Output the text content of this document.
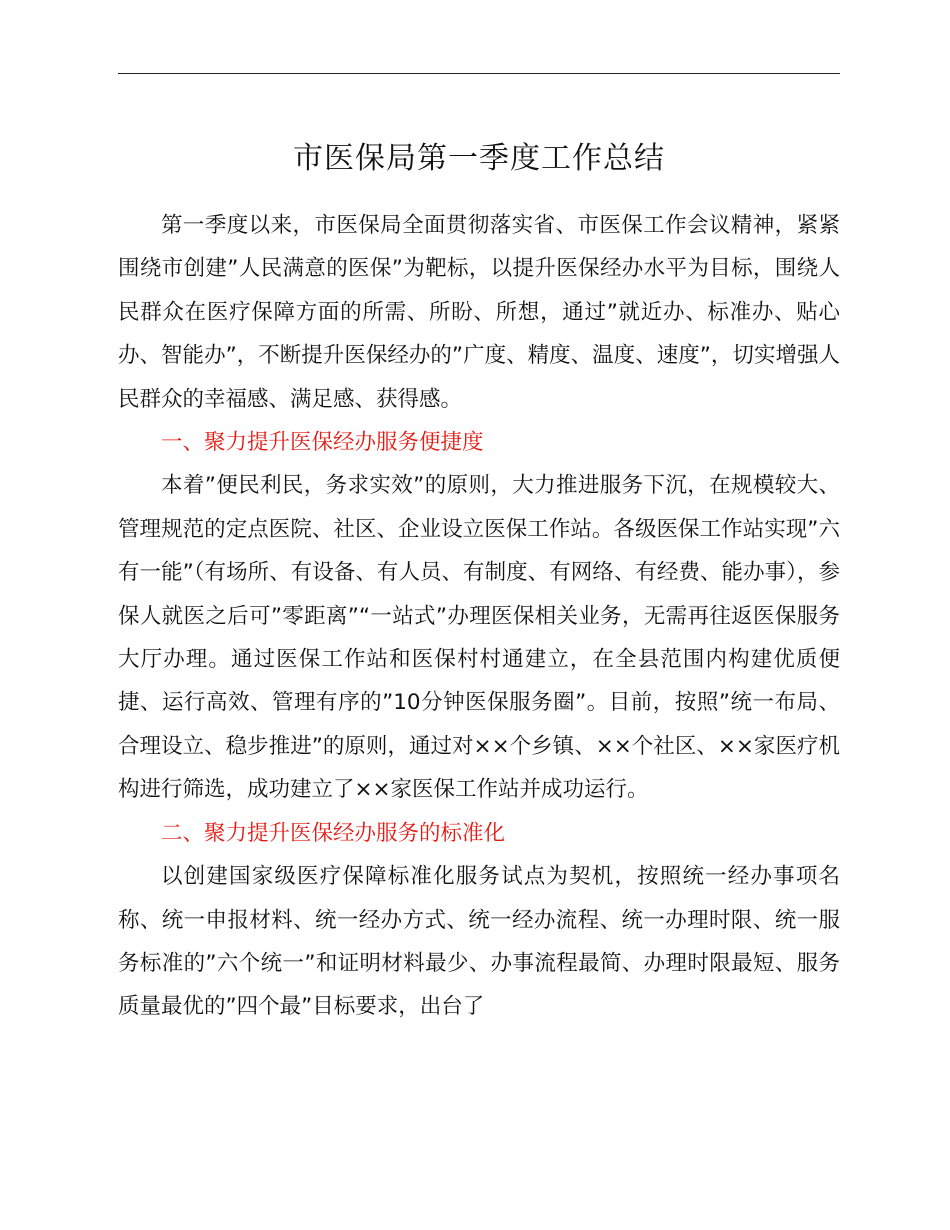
市医保局第一季度工作总结

第一季度以来，市医保局全面贯彻落实省、市医保工作会议精神，紧紧围绕市创建”人民满意的医保”为靶标，以提升医保经办水平为目标，围绕人民群众在医疗保障方面的所需、所盼、所想，通过”就近办、标准办、贴心办、智能办”，不断提升医保经办的”广度、精度、温度、速度”，切实增强人民群众的幸福感、满足感、获得感。

一、聚力提升医保经办服务便捷度

本着”便民利民，务求实效”的原则，大力推进服务下沉，在规模较大、管理规范的定点医院、社区、企业设立医保工作站。各级医保工作站实现”六有一能”（有场所、有设备、有人员、有制度、有网络、有经费、能办事），参保人就医之后可”零距离”“一站式”办理医保相关业务，无需再往返医保服务大厅办理。通过医保工作站和医保村村通建立，在全县范围内构建优质便捷、运行高效、管理有序的”10分钟医保服务圈”。目前，按照”统一布局、合理设立、稳步推进”的原则，通过对××个乡镇、××个社区、××家医疗机构进行筛选，成功建立了××家医保工作站并成功运行。

二、聚力提升医保经办服务的标准化

以创建国家级医疗保障标准化服务试点为契机，按照统一经办事项名称、统一申报材料、统一经办方式、统一经办流程、统一办理时限、统一服务标准的”六个统一”和证明材料最少、办事流程最简、办理时限最短、服务质量最优的”四个最”目标要求，出台了
